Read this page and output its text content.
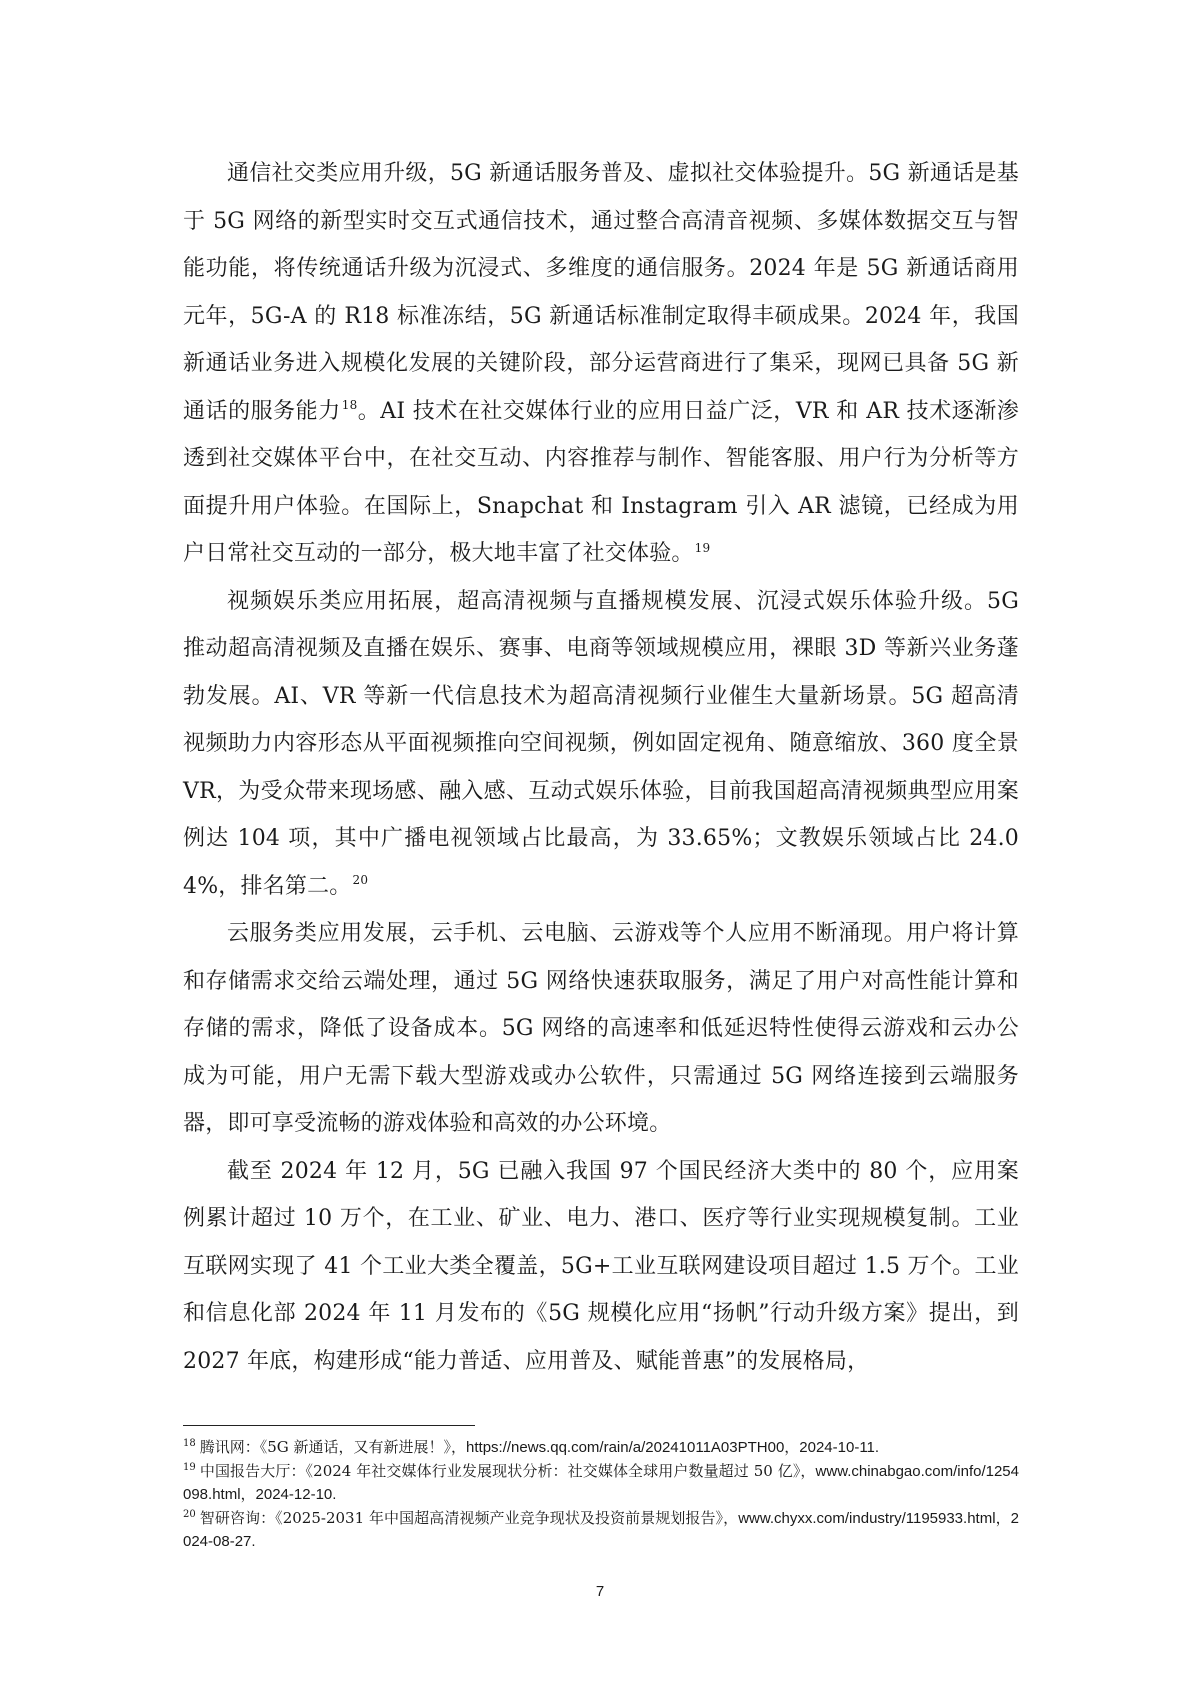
通信社交类应用升级，5G 新通话服务普及、虚拟社交体验提升。5G 新通话是基于 5G 网络的新型实时交互式通信技术，通过整合高清音视频、多媒体数据交互与智能功能，将传统通话升级为沉浸式、多维度的通信服务。2024 年是 5G 新通话商用元年，5G-A 的 R18 标准冻结，5G 新通话标准制定取得丰硕成果。2024 年，我国新通话业务进入规模化发展的关键阶段，部分运营商进行了集采，现网已具备 5G 新通话的服务能力$^{18}$。AI 技术在社交媒体行业的应用日益广泛，VR 和 AR 技术逐渐渗透到社交媒体平台中，在社交互动、内容推荐与制作、智能客服、用户行为分析等方面提升用户体验。在国际上，Snapchat 和 Instagram 引入 AR 滤镜，已经成为用户日常社交互动的一部分，极大地丰富了社交体验。$^{19}$

视频娱乐类应用拓展，超高清视频与直播规模发展、沉浸式娱乐体验升级。5G 推动超高清视频及直播在娱乐、赛事、电商等领域规模应用，裸眼 3D 等新兴业务蓬勃发展。AI、VR 等新一代信息技术为超高清视频行业催生大量新场景。5G 超高清视频助力内容形态从平面视频推向空间视频，例如固定视角、随意缩放、360 度全景 VR，为受众带来现场感、融入感、互动式娱乐体验，目前我国超高清视频典型应用案例达 104 项，其中广播电视领域占比最高，为 33.65%；文教娱乐领域占比 24.04%，排名第二。$^{20}$

云服务类应用发展，云手机、云电脑、云游戏等个人应用不断涌现。用户将计算和存储需求交给云端处理，通过 5G 网络快速获取服务，满足了用户对高性能计算和存储的需求，降低了设备成本。5G 网络的高速率和低延迟特性使得云游戏和云办公成为可能，用户无需下载大型游戏或办公软件，只需通过 5G 网络连接到云端服务器，即可享受流畅的游戏体验和高效的办公环境。

截至 2024 年 12 月，5G 已融入我国 97 个国民经济大类中的 80 个，应用案例累计超过 10 万个，在工业、矿业、电力、港口、医疗等行业实现规模复制。工业互联网实现了 41 个工业大类全覆盖，5G+工业互联网建设项目超过 1.5 万个。工业和信息化部 2024 年 11 月发布的《5G 规模化应用“扬帆”行动升级方案》提出，到 2027 年底，构建形成“能力普适、应用普及、赋能普惠”的发展格局，

$^{18}$ 腾讯网：《5G 新通话，又有新进展！》，https://news.qq.com/rain/a/20241011A03PTH00，2024-10-11.

$^{19}$ 中国报告大厅：《2024 年社交媒体行业发展现状分析：社交媒体全球用户数量超过 50 亿》，www.chinabgao.com/info/1254098.html，2024-12-10.

$^{20}$ 智研咨询：《2025-2031 年中国超高清视频产业竞争现状及投资前景规划报告》，www.chyxx.com/industry/1195933.html，2024-08-27.

7
